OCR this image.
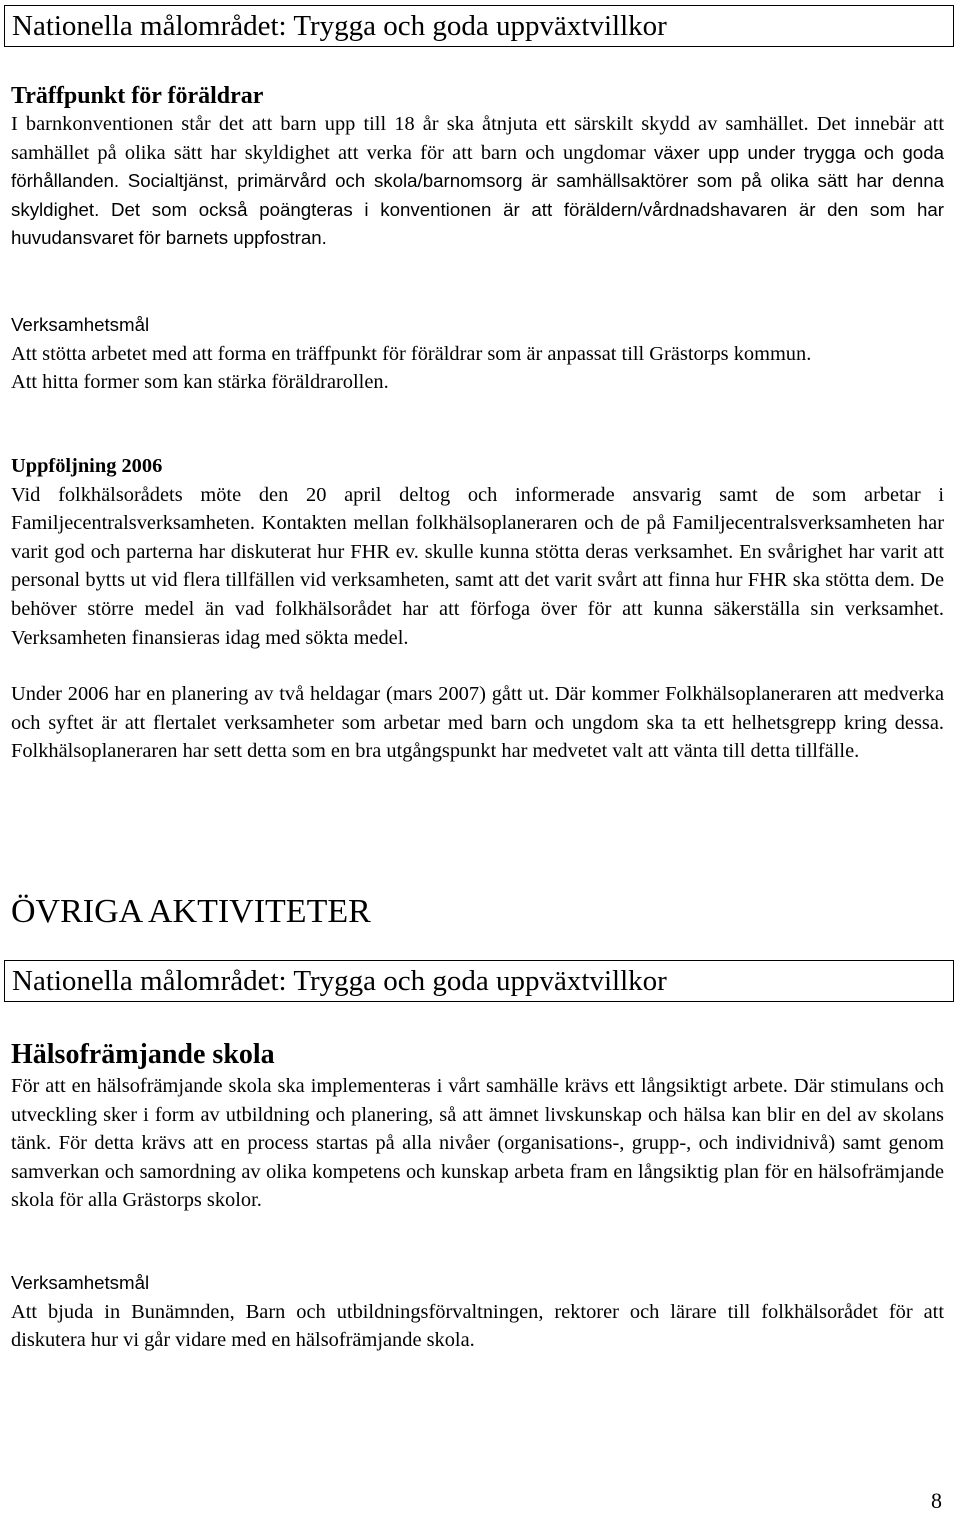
Nationella målområdet: Trygga och goda uppväxtvillkor

Träffpunkt för föräldrar

I barnkonventionen står det att barn upp till 18 år ska åtnjuta ett särskilt skydd av samhället. Det innebär att samhället på olika sätt har skyldighet att verka för att barn och ungdomar växer upp under trygga och goda förhållanden. Socialtjänst, primärvård och skola/barnomsorg är samhällsaktörer som på olika sätt har denna skyldighet. Det som också poängteras i konventionen är att föräldern/vårdnadshavaren är den som har huvudansvaret för barnets uppfostran.

Verksamhetsmål

Att stötta arbetet med att forma en träffpunkt för föräldrar som är anpassat till Grästorps kommun.

Att hitta former som kan stärka föräldrarollen.

Uppföljning 2006

Vid folkhälsorådets möte den 20 april deltog och informerade ansvarig samt de som arbetar i Familjecentralsverksamheten. Kontakten mellan folkhälsoplaneraren och de på Familjecentralsverksamheten har varit god och parterna har diskuterat hur FHR ev. skulle kunna stötta deras verksamhet. En svårighet har varit att personal bytts ut vid flera tillfällen vid verksamheten, samt att det varit svårt att finna hur FHR ska stötta dem. De behöver större medel än vad folkhälsorådet har att förfoga över för att kunna säkerställa sin verksamhet. Verksamheten finansieras idag med sökta medel.

Under 2006 har en planering av två heldagar (mars 2007) gått ut. Där kommer Folkhälsoplaneraren att medverka och syftet är att flertalet verksamheter som arbetar med barn och ungdom ska ta ett helhetsgrepp kring dessa. Folkhälsoplaneraren har sett detta som en bra utgångspunkt har medvetet valt att vänta till detta tillfälle.

ÖVRIGA AKTIVITETER

Nationella målområdet: Trygga och goda uppväxtvillkor

Hälsofrämjande skola

För att en hälsofrämjande skola ska implementeras i vårt samhälle krävs ett långsiktigt arbete. Där stimulans och utveckling sker i form av utbildning och planering, så att ämnet livskunskap och hälsa kan blir en del av skolans tänk. För detta krävs att en process startas på alla nivåer (organisations-, grupp-, och individnivå) samt genom samverkan och samordning av olika kompetens och kunskap arbeta fram en långsiktig plan för en hälsofrämjande skola för alla Grästorps skolor.

Verksamhetsmål

Att bjuda in Bunämnden, Barn och utbildningsförvaltningen, rektorer och lärare till folkhälsorådet för att diskutera hur vi går vidare med en hälsofrämjande skola.

8
